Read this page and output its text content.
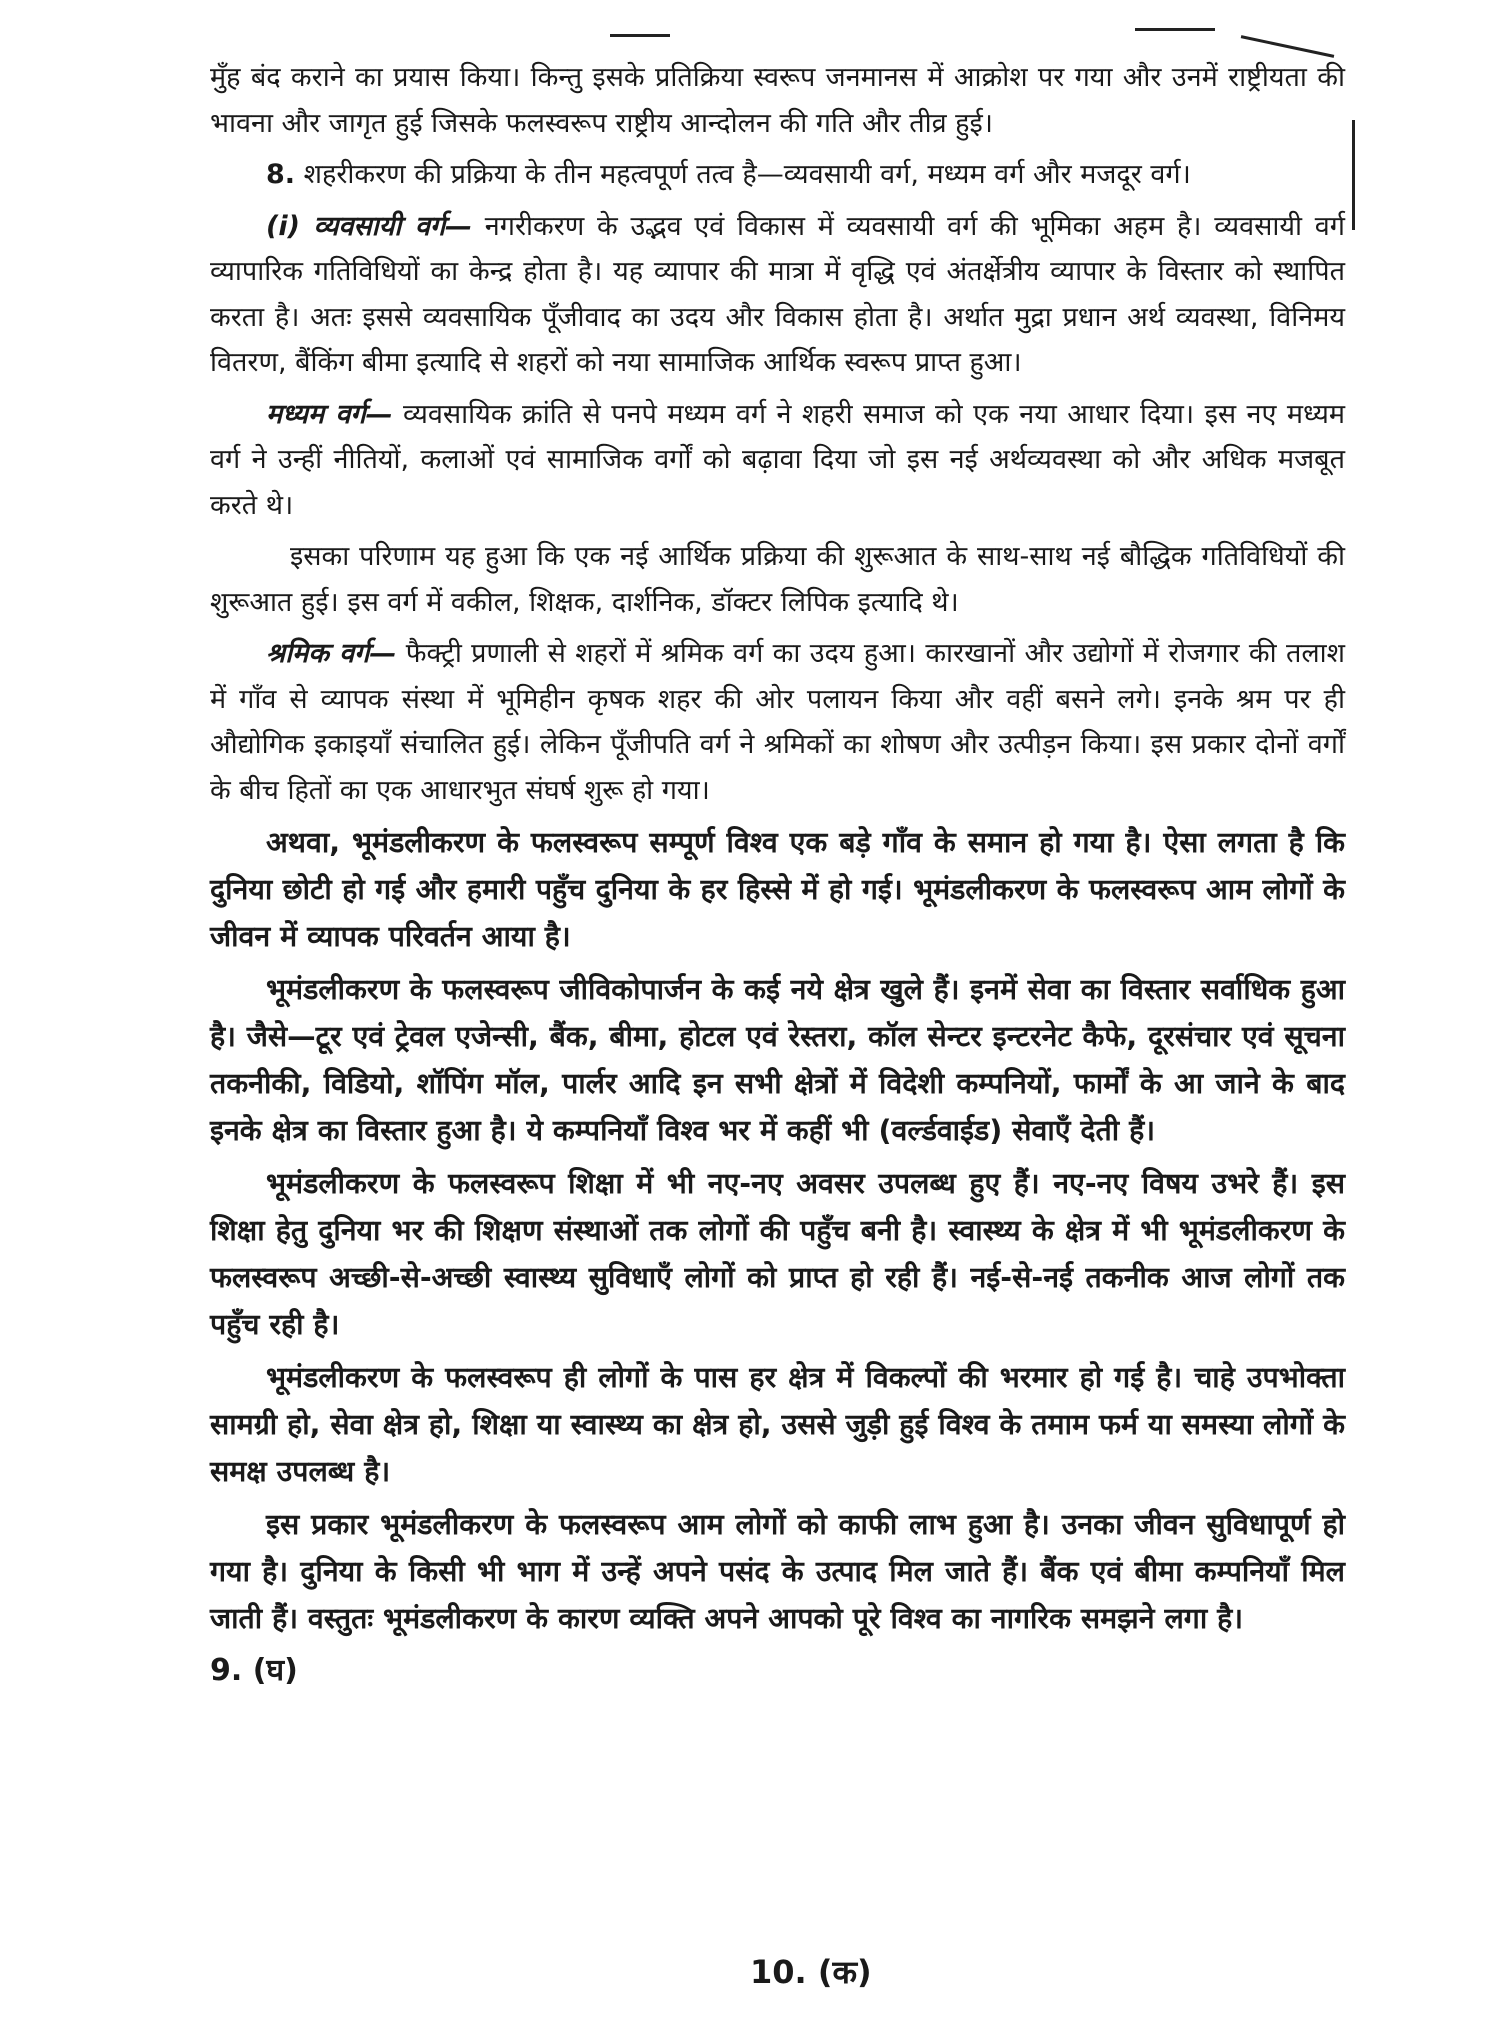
मुँह बंद कराने का प्रयास किया। किन्तु इसके प्रतिक्रिया स्वरूप जनमानस में आक्रोश पर गया और उनमें राष्ट्रीयता की भावना और जागृत हुई जिसके फलस्वरूप राष्ट्रीय आन्दोलन की गति और तीव्र हुई।

8. शहरीकरण की प्रक्रिया के तीन महत्वपूर्ण तत्व है—व्यवसायी वर्ग, मध्यम वर्ग और मजदूर वर्ग।

(i) व्यवसायी वर्ग— नगरीकरण के उद्भव एवं विकास में व्यवसायी वर्ग की भूमिका अहम है। व्यवसायी वर्ग व्यापारिक गतिविधियों का केन्द्र होता है। यह व्यापार की मात्रा में वृद्धि एवं अंतर्क्षेत्रीय व्यापार के विस्तार को स्थापित करता है। अतः इससे व्यवसायिक पूँजीवाद का उदय और विकास होता है। अर्थात मुद्रा प्रधान अर्थ व्यवस्था, विनिमय वितरण, बैंकिंग बीमा इत्यादि से शहरों को नया सामाजिक आर्थिक स्वरूप प्राप्त हुआ।

मध्यम वर्ग— व्यवसायिक क्रांति से पनपे मध्यम वर्ग ने शहरी समाज को एक नया आधार दिया। इस नए मध्यम वर्ग ने उन्हीं नीतियों, कलाओं एवं सामाजिक वर्गों को बढ़ावा दिया जो इस नई अर्थव्यवस्था को और अधिक मजबूत करते थे।

इसका परिणाम यह हुआ कि एक नई आर्थिक प्रक्रिया की शुरूआत के साथ-साथ नई बौद्धिक गतिविधियों की शुरूआत हुई। इस वर्ग में वकील, शिक्षक, दार्शनिक, डॉक्टर लिपिक इत्यादि थे।

श्रमिक वर्ग— फैक्ट्री प्रणाली से शहरों में श्रमिक वर्ग का उदय हुआ। कारखानों और उद्योगों में रोजगार की तलाश में गाँव से व्यापक संस्था में भूमिहीन कृषक शहर की ओर पलायन किया और वहीं बसने लगे। इनके श्रम पर ही औद्योगिक इकाइयाँ संचालित हुई। लेकिन पूँजीपति वर्ग ने श्रमिकों का शोषण और उत्पीड़न किया। इस प्रकार दोनों वर्गों के बीच हितों का एक आधारभुत संघर्ष शुरू हो गया।

अथवा, भूमंडलीकरण के फलस्वरूप सम्पूर्ण विश्व एक बड़े गाँव के समान हो गया है। ऐसा लगता है कि दुनिया छोटी हो गई और हमारी पहुँच दुनिया के हर हिस्से में हो गई। भूमंडलीकरण के फलस्वरूप आम लोगों के जीवन में व्यापक परिवर्तन आया है।

भूमंडलीकरण के फलस्वरूप जीविकोपार्जन के कई नये क्षेत्र खुले हैं। इनमें सेवा का विस्तार सर्वाधिक हुआ है। जैसे—टूर एवं ट्रेवल एजेन्सी, बैंक, बीमा, होटल एवं रेस्तरा, कॉल सेन्टर इन्टरनेट कैफे, दूरसंचार एवं सूचना तकनीकी, विडियो, शॉपिंग मॉल, पार्लर आदि इन सभी क्षेत्रों में विदेशी कम्पनियों, फार्मों के आ जाने के बाद इनके क्षेत्र का विस्तार हुआ है। ये कम्पनियाँ विश्व भर में कहीं भी (वर्ल्डवाईड) सेवाएँ देती हैं।

भूमंडलीकरण के फलस्वरूप शिक्षा में भी नए-नए अवसर उपलब्ध हुए हैं। नए-नए विषय उभरे हैं। इस शिक्षा हेतु दुनिया भर की शिक्षण संस्थाओं तक लोगों की पहुँच बनी है। स्वास्थ्य के क्षेत्र में भी भूमंडलीकरण के फलस्वरूप अच्छी-से-अच्छी स्वास्थ्य सुविधाएँ लोगों को प्राप्त हो रही हैं। नई-से-नई तकनीक आज लोगों तक पहुँच रही है।

भूमंडलीकरण के फलस्वरूप ही लोगों के पास हर क्षेत्र में विकल्पों की भरमार हो गई है। चाहे उपभोक्ता सामग्री हो, सेवा क्षेत्र हो, शिक्षा या स्वास्थ्य का क्षेत्र हो, उससे जुड़ी हुई विश्व के तमाम फर्म या समस्या लोगों के समक्ष उपलब्ध है।

इस प्रकार भूमंडलीकरण के फलस्वरूप आम लोगों को काफी लाभ हुआ है। उनका जीवन सुविधापूर्ण हो गया है। दुनिया के किसी भी भाग में उन्हें अपने पसंद के उत्पाद मिल जाते हैं। बैंक एवं बीमा कम्पनियाँ मिल जाती हैं। वस्तुतः भूमंडलीकरण के कारण व्यक्ति अपने आपको पूरे विश्व का नागरिक समझने लगा है।

9. (घ)

10. (क)
